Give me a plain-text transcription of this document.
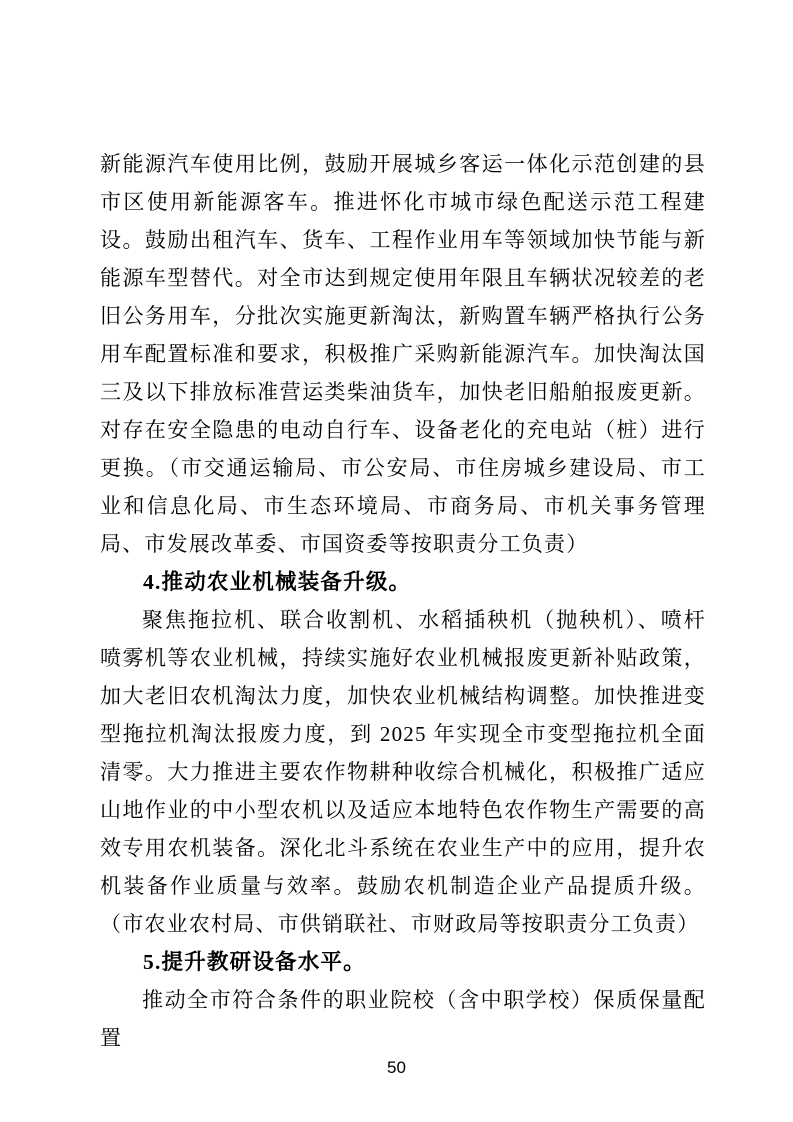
新能源汽车使用比例，鼓励开展城乡客运一体化示范创建的县市区使用新能源客车。推进怀化市城市绿色配送示范工程建设。鼓励出租汽车、货车、工程作业用车等领域加快节能与新能源车型替代。对全市达到规定使用年限且车辆状况较差的老旧公务用车，分批次实施更新淘汰，新购置车辆严格执行公务用车配置标准和要求，积极推广采购新能源汽车。加快淘汰国三及以下排放标准营运类柴油货车，加快老旧船舶报废更新。对存在安全隐患的电动自行车、设备老化的充电站（桩）进行更换。（市交通运输局、市公安局、市住房城乡建设局、市工业和信息化局、市生态环境局、市商务局、市机关事务管理局、市发展改革委、市国资委等按职责分工负责）

4.推动农业机械装备升级。

聚焦拖拉机、联合收割机、水稻插秧机（抛秧机）、喷杆喷雾机等农业机械，持续实施好农业机械报废更新补贴政策，加大老旧农机淘汰力度，加快农业机械结构调整。加快推进变型拖拉机淘汰报废力度，到 2025 年实现全市变型拖拉机全面清零。大力推进主要农作物耕种收综合机械化，积极推广适应山地作业的中小型农机以及适应本地特色农作物生产需要的高效专用农机装备。深化北斗系统在农业生产中的应用，提升农机装备作业质量与效率。鼓励农机制造企业产品提质升级。（市农业农村局、市供销联社、市财政局等按职责分工负责）

5.提升教研设备水平。

推动全市符合条件的职业院校（含中职学校）保质保量配置

50
